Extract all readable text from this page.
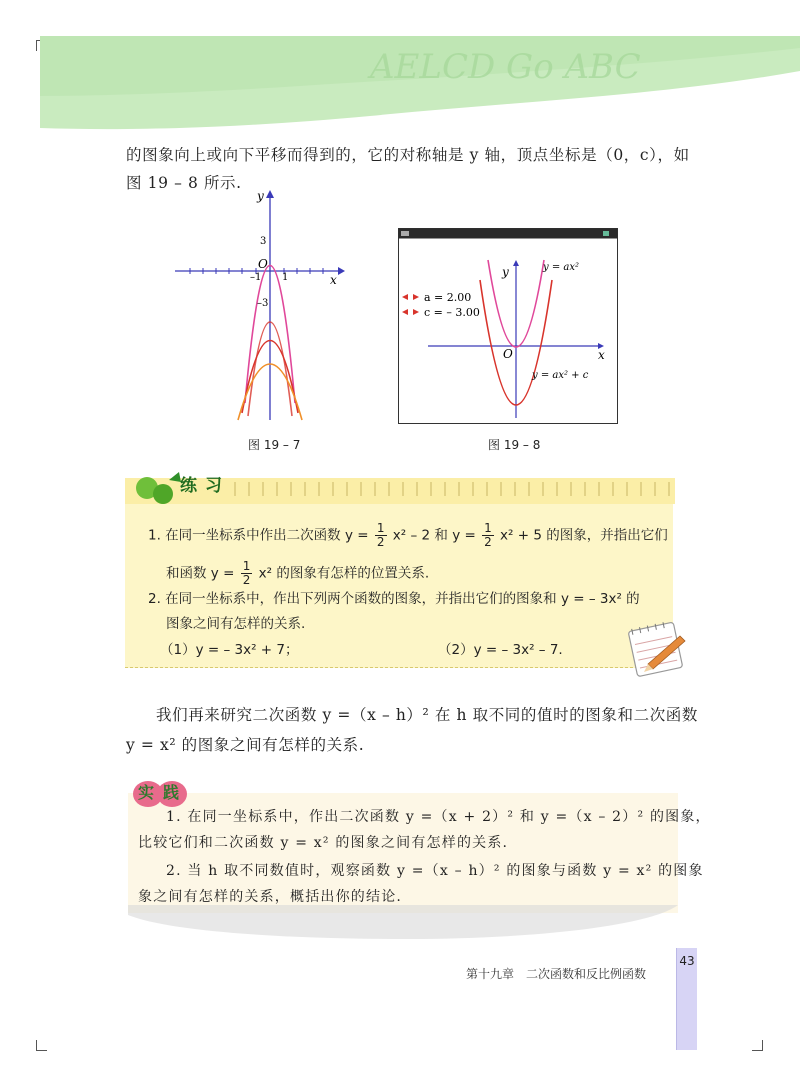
AELCD Go ABC
的图象向上或向下平移而得到的，它的对称轴是 y 轴，顶点坐标是（0，c），如
图 19 – 8 所示.
3
–3
1
–1
O
x
y
图 19 – 7
a = 2.00
c = – 3.00
y = ax²
y = ax² + c
O	x
y
图 19 – 8
练习
1. 在同一坐标系中作出二次函数 $y = \frac{1}{2} x^2 - 2$ 和 $y = \frac{1}{2} x^2 + 5$ 的图象，并指出它们
和函数 $y = \frac{1}{2} x^2$ 的图象有怎样的位置关系.
2. 在同一坐标系中，作出下列两个函数的图象，并指出它们的图象和 y = – 3x² 的
图象之间有怎样的关系.
（1）y = – 3x² + 7；	（2）y = – 3x² – 7.
我们再来研究二次函数 y =（x – h）² 在 h 取不同的值时的图象和二次函数
y = x² 的图象之间有怎样的关系.
实践
1. 在同一坐标系中，作出二次函数 y =（x + 2）² 和 y =（x – 2）² 的图象，
比较它们和二次函数 y = x² 的图象之间有怎样的关系.
2. 当 h 取不同数值时，观察函数 y =（x – h）² 的图象与函数 y = x² 的图象
象之间有怎样的关系，概括出你的结论.
第十九章　二次函数和反比例函数
43
